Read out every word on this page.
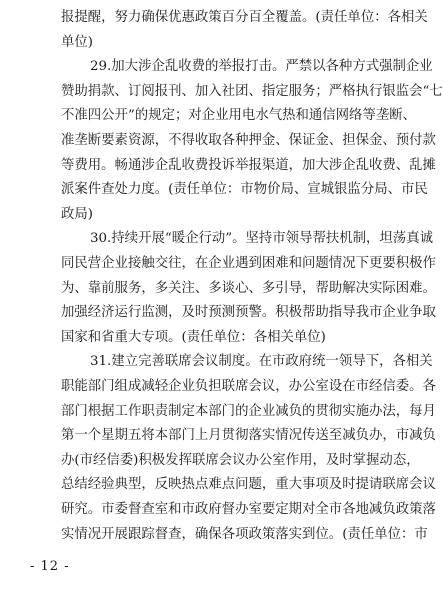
报提醒，努力确保优惠政策百分百全覆盖。(责任单位：各相关
单位)
29.加大涉企乱收费的举报打击。严禁以各种方式强制企业
赞助捐款、订阅报刊、加入社团、指定服务；严格执行银监会“七
不准四公开”的规定；对企业用电水气热和通信网络等垄断、
准垄断要素资源，不得收取各种押金、保证金、担保金、预付款
等费用。畅通涉企乱收费投诉举报渠道，加大涉企乱收费、乱摊
派案件查处力度。(责任单位：市物价局、宣城银监分局、市民
政局)
30.持续开展“暖企行动”。坚持市领导帮扶机制，坦荡真诚
同民营企业接触交往，在企业遇到困难和问题情况下更要积极作
为、靠前服务，多关注、多谈心、多引导，帮助解决实际困难。
加强经济运行监测，及时预测预警。积极帮助指导我市企业争取
国家和省重大专项。(责任单位：各相关单位)
31.建立完善联席会议制度。在市政府统一领导下，各相关
职能部门组成减轻企业负担联席会议，办公室设在市经信委。各
部门根据工作职责制定本部门的企业减负的贯彻实施办法，每月
第一个星期五将本部门上月贯彻落实情况传送至减负办，市减负
办(市经信委)积极发挥联席会议办公室作用，及时掌握动态，
总结经验典型，反映热点难点问题，重大事项及时提请联席会议
研究。市委督查室和市政府督办室要定期对全市各地减负政策落
实情况开展跟踪督查，确保各项政策落实到位。(责任单位：市
- 12 -
